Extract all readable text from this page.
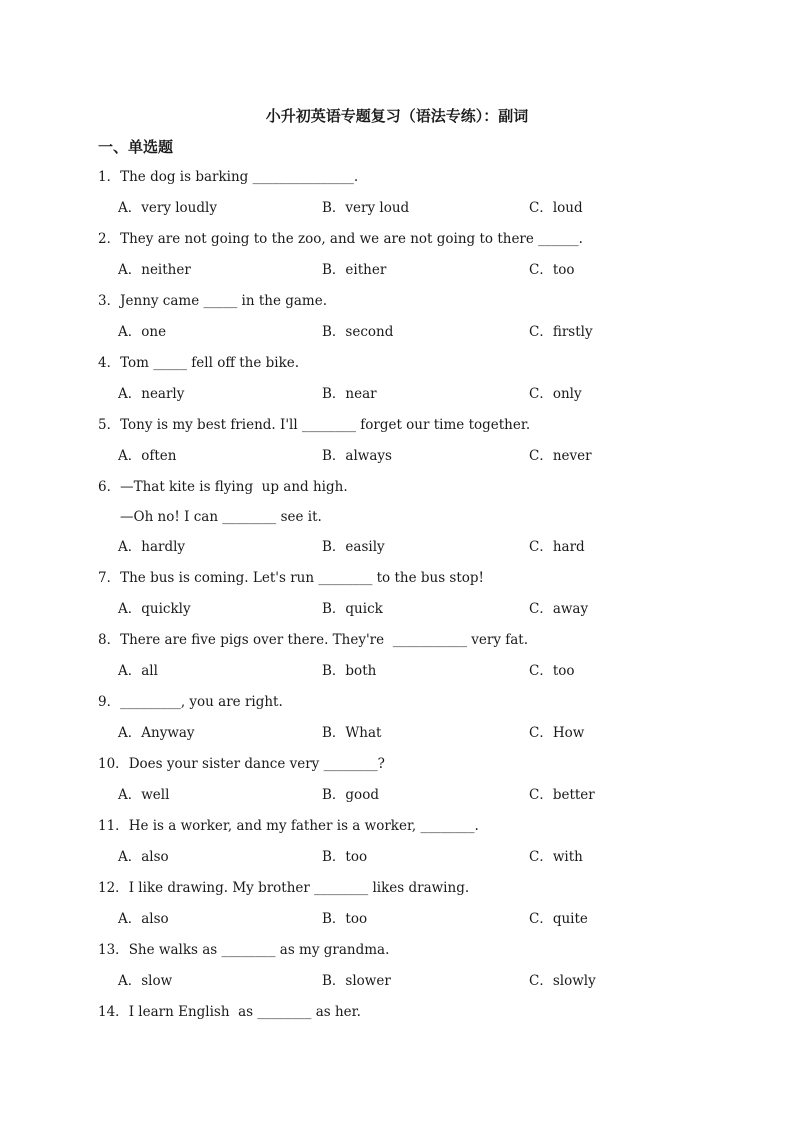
小升初英语专题复习（语法专练）：副词
一、单选题
1．The dog is barking _______________.
A．very loudly	B．very loud	C．loud
2．They are not going to the zoo, and we are not going to there ______.
A．neither	B．either	C．too
3．Jenny came _____ in the game.
A．one	B．second	C．firstly
4．Tom _____ fell off the bike.
A．nearly	B．near	C．only
5．Tony is my best friend. I'll ________ forget our time together.
A．often	B．always	C．never
6．—That kite is flying  up and high.
—Oh no! I can ________ see it.
A．hardly	B．easily	C．hard
7．The bus is coming. Let's run ________ to the bus stop!
A．quickly	B．quick	C．away
8．There are five pigs over there. They're  ___________ very fat.
A．all	B．both	C．too
9．_________, you are right.
A．Anyway	B．What	C．How
10．Does your sister dance very ________?
A．well	B．good	C．better
11．He is a worker, and my father is a worker, ________.
A．also	B．too	C．with
12．I like drawing. My brother ________ likes drawing.
A．also	B．too	C．quite
13．She walks as ________ as my grandma.
A．slow	B．slower	C．slowly
14．I learn English  as ________ as her.
